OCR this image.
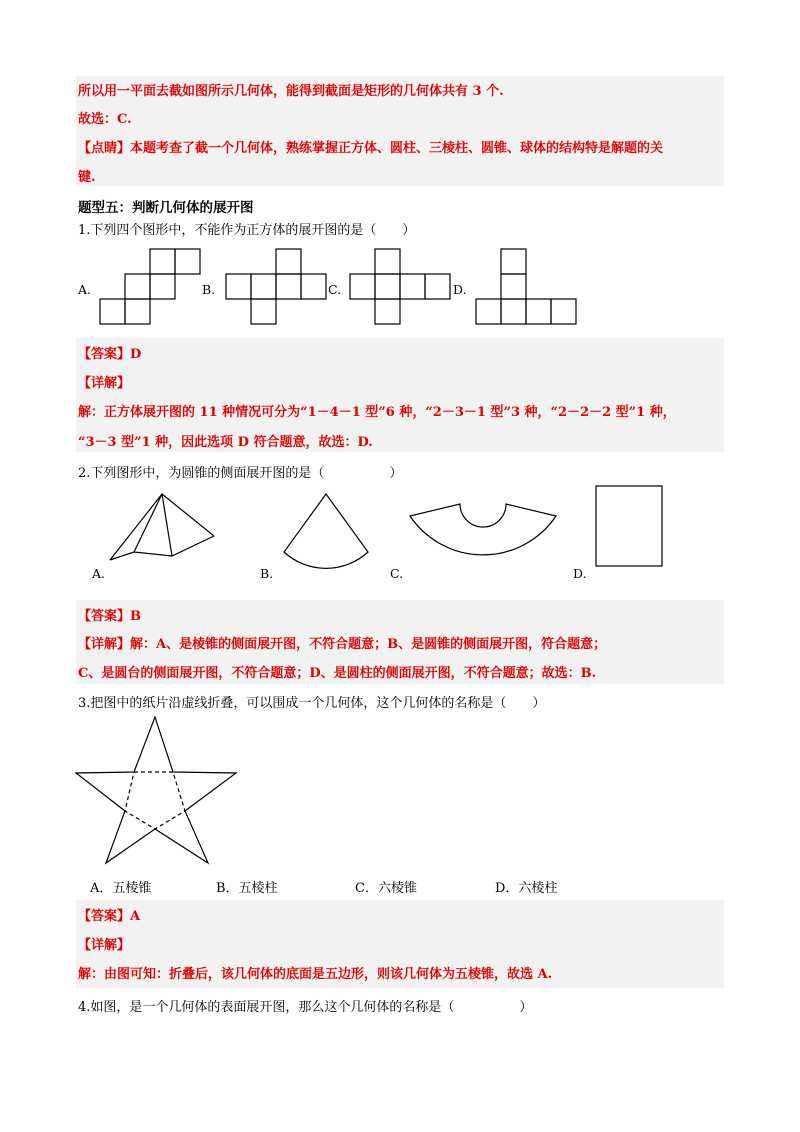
所以用一平面去截如图所示几何体，能得到截面是矩形的几何体共有 3 个.
故选：C.
【点睛】本题考查了截一个几何体，熟练掌握正方体、圆柱、三棱柱、圆锥、球体的结构特是解题的关
键.
题型五：判断几何体的展开图
1.下列四个图形中，不能作为正方体的展开图的是（　　）
A.	B.	C.	D.
【答案】D
【详解】
解：正方体展开图的 11 种情况可分为“1－4－1 型”6 种，“2－3－1 型”3 种，“2－2－2 型”1 种，
“3－3 型”1 种，因此选项 D 符合题意，故选：D.
2.下列图形中，为圆锥的侧面展开图的是（　　　　　）
A.	B.	C.	D.
【答案】B
【详解】解：A、是棱锥的侧面展开图，不符合题意；B、是圆锥的侧面展开图，符合题意；
C、是圆台的侧面展开图，不符合题意；D、是圆柱的侧面展开图，不符合题意；故选：B.
3.把图中的纸片沿虚线折叠，可以围成一个几何体，这个几何体的名称是（　　）
A．五棱锥	B．五棱柱	C．六棱锥	D．六棱柱
【答案】A
【详解】
解：由图可知：折叠后，该几何体的底面是五边形，则该几何体为五棱锥，故选 A.
4.如图，是一个几何体的表面展开图，那么这个几何体的名称是（　　　　　）
